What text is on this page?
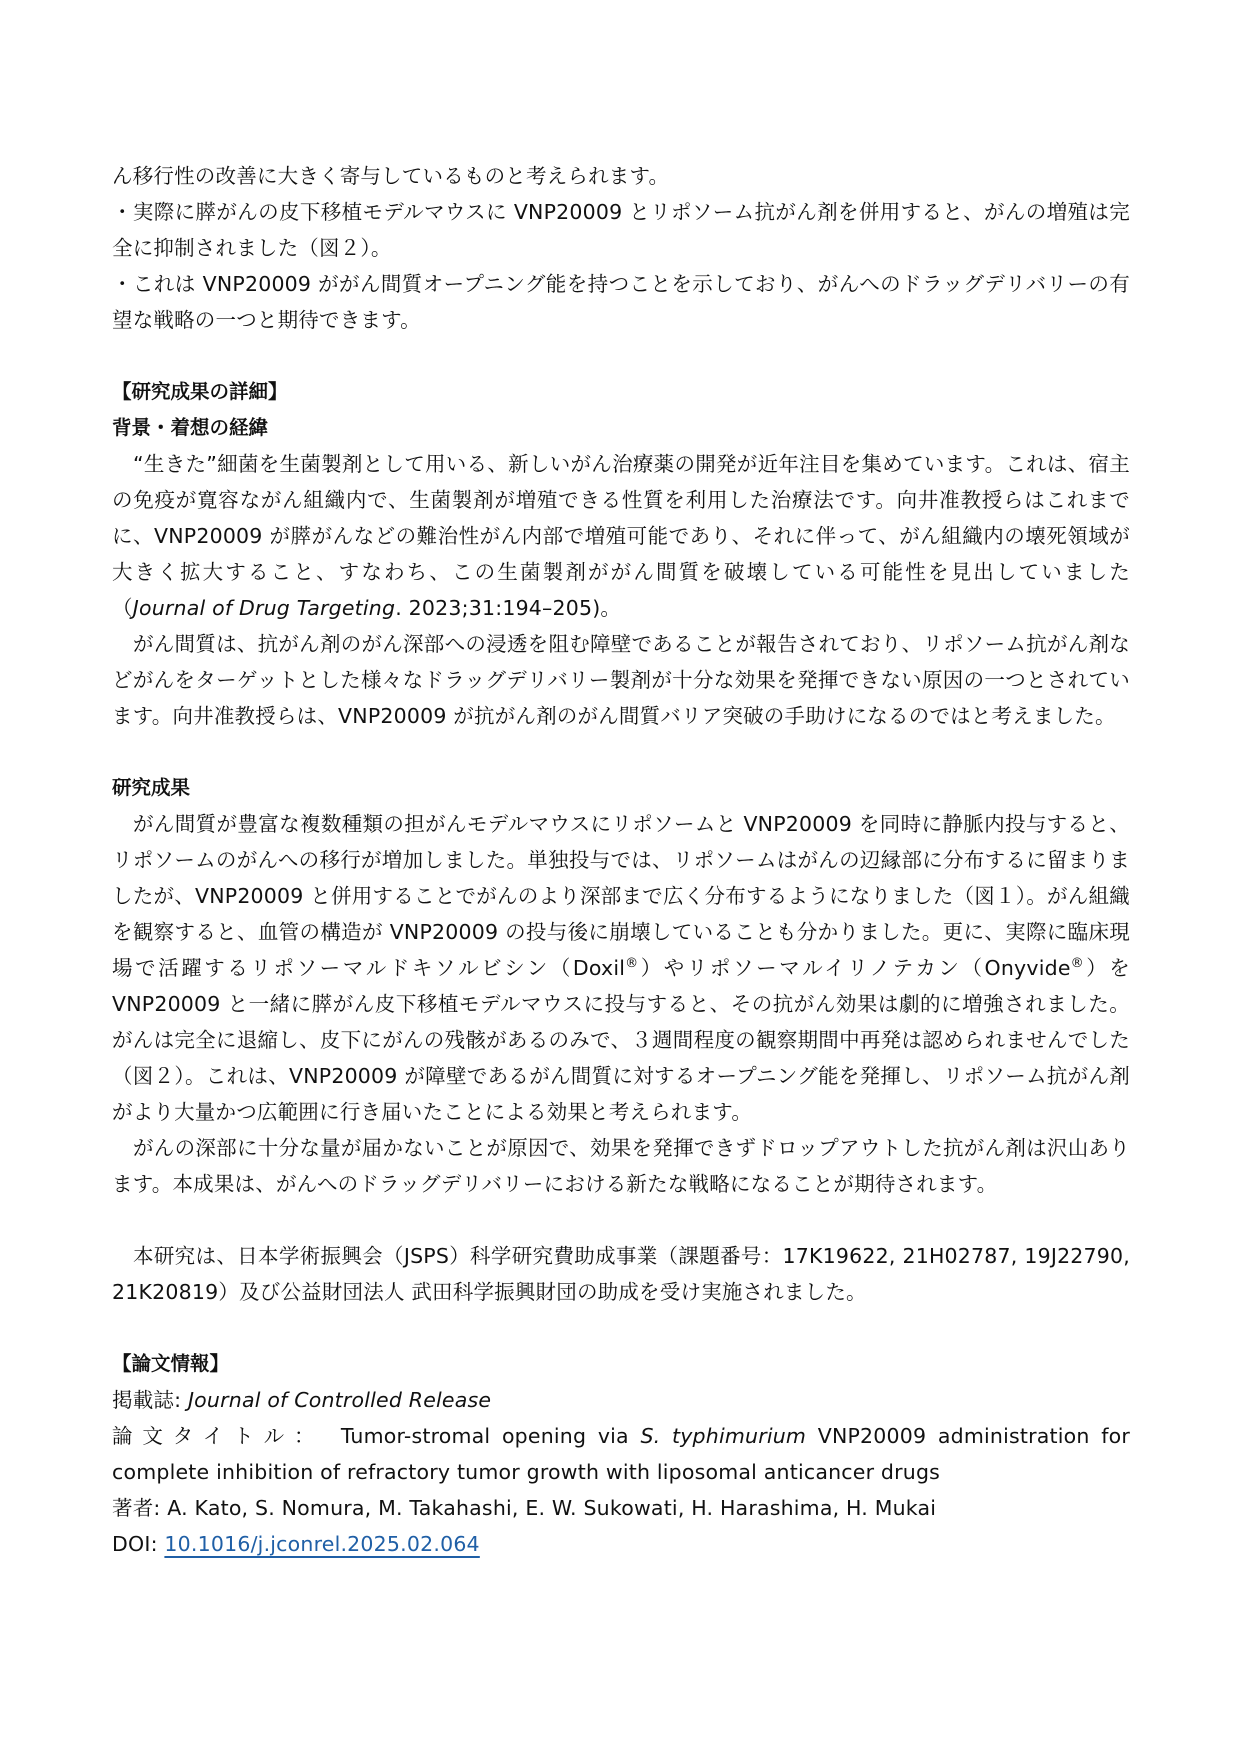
ん移行性の改善に大きく寄与しているものと考えられます。

・実際に膵がんの皮下移植モデルマウスに VNP20009 とリポソーム抗がん剤を併用すると、がんの増殖は完全に抑制されました（図２）。

・これは VNP20009 ががん間質オープニング能を持つことを示しており、がんへのドラッグデリバリーの有望な戦略の一つと期待できます。

【研究成果の詳細】

背景・着想の経緯

“生きた”細菌を生菌製剤として用いる、新しいがん治療薬の開発が近年注目を集めています。これは、宿主の免疫が寛容ながん組織内で、生菌製剤が増殖できる性質を利用した治療法です。向井准教授らはこれまでに、VNP20009 が膵がんなどの難治性がん内部で増殖可能であり、それに伴って、がん組織内の壊死領域が大きく拡大すること、すなわち、この生菌製剤ががん間質を破壊している可能性を見出していました（Journal of Drug Targeting. 2023;31:194–205)。

がん間質は、抗がん剤のがん深部への浸透を阻む障壁であることが報告されており、リポソーム抗がん剤などがんをターゲットとした様々なドラッグデリバリー製剤が十分な効果を発揮できない原因の一つとされています。向井准教授らは、VNP20009 が抗がん剤のがん間質バリア突破の手助けになるのではと考えました。

研究成果

がん間質が豊富な複数種類の担がんモデルマウスにリポソームと VNP20009 を同時に静脈内投与すると、リポソームのがんへの移行が増加しました。単独投与では、リポソームはがんの辺縁部に分布するに留まりましたが、VNP20009 と併用することでがんのより深部まで広く分布するようになりました（図１）。がん組織を観察すると、血管の構造が VNP20009 の投与後に崩壊していることも分かりました。更に、実際に臨床現場で活躍するリポソーマルドキソルビシン（Doxil®）やリポソーマルイリノテカン（Onyvide®）を VNP20009 と一緒に膵がん皮下移植モデルマウスに投与すると、その抗がん効果は劇的に増強されました。がんは完全に退縮し、皮下にがんの残骸があるのみで、３週間程度の観察期間中再発は認められませんでした（図２）。これは、VNP20009 が障壁であるがん間質に対するオープニング能を発揮し、リポソーム抗がん剤がより大量かつ広範囲に行き届いたことによる効果と考えられます。

がんの深部に十分な量が届かないことが原因で、効果を発揮できずドロップアウトした抗がん剤は沢山あります。本成果は、がんへのドラッグデリバリーにおける新たな戦略になることが期待されます。

本研究は、日本学術振興会（JSPS）科学研究費助成事業（課題番号：17K19622, 21H02787, 19J22790, 21K20819）及び公益財団法人 武田科学振興財団の助成を受け実施されました。

【論文情報】

掲載誌: Journal of Controlled Release

論文タイトル： Tumor-stromal opening via S. typhimurium VNP20009 administration for complete inhibition of refractory tumor growth with liposomal anticancer drugs

著者: A. Kato, S. Nomura, M. Takahashi, E. W. Sukowati, H. Harashima, H. Mukai

DOI: 10.1016/j.jconrel.2025.02.064
